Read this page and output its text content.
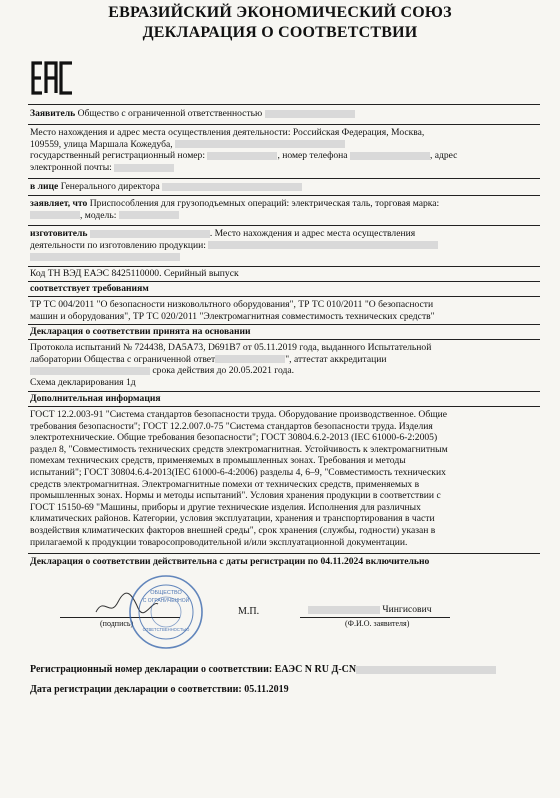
ЕВРАЗИЙСКИЙ ЭКОНОМИЧЕСКИЙ СОЮЗ
ДЕКЛАРАЦИЯ О СООТВЕТСТВИИ
Заявитель Общество с ограниченной ответственностью
Место нахождения и адрес места осуществления деятельности: Российская Федерация, Москва,
109559, улица Маршала Кожедуба,
государственный регистрационный номер:	, номер телефона	, адрес
электронной почты:
в лице Генерального директора
заявляет, что Приспособления для грузоподъемных операций: электрическая таль, торговая марка:
, модель:
изготовитель	. Место нахождения и адрес места осуществления
деятельности по изготовлению продукции:
Код ТН ВЭД ЕАЭС 8425110000. Серийный выпуск
соответствует требованиям
ТР ТС 004/2011 "О безопасности низковольтного оборудования", ТР ТС 010/2011 "О безопасности
машин и оборудования", ТР ТС 020/2011 "Электромагнитная совместимость технических средств"
Декларация о соответствии принята на основании
Протокола испытаний № 724438, DA5A73, D691B7 от 05.11.2019 года, выданного Испытательной
лаборатории Общества с ограниченной ответ	", аттестат аккредитации
срока действия до 20.05.2021 года.
Схема декларирования 1д
Дополнительная информация
ГОСТ 12.2.003-91 "Система стандартов безопасности труда. Оборудование производственное. Общие
требования безопасности"; ГОСТ 12.2.007.0-75 "Система стандартов безопасности труда. Изделия
электротехнические. Общие требования безопасности"; ГОСТ 30804.6.2-2013 (IEC 61000-6-2:2005)
раздел 8, "Совместимость технических средств электромагнитная. Устойчивость к электромагнитным
помехам технических средств, применяемых в промышленных зонах. Требования и методы
испытаний"; ГОСТ 30804.6.4-2013(IEC 61000-6-4:2006) разделы 4, 6–9, "Совместимость технических
средств электромагнитная. Электромагнитные помехи от технических средств, применяемых в
промышленных зонах. Нормы и методы испытаний". Условия хранения продукции в соответствии с
ГОСТ 15150-69 "Машины, приборы и другие технические изделия. Исполнения для различных
климатических районов. Категории, условия эксплуатации, хранения и транспортирования в части
воздействия климатических факторов внешней среды", срок хранения (службы, годности) указан в
прилагаемой к продукции товаросопроводительной и/или эксплуатационной документации.
Декларация о соответствии действительна с даты регистрации по 04.11.2024 включительно
(подпись)
ОБЩЕСТВО
С ОГРАНИЧЕННОЙ
ОТВЕТСТВЕННОСТЬЮ
М.П.	Чингисович
(Ф.И.О. заявителя)
Регистрационный номер декларации о соответствии: ЕАЭС N RU Д-CN
Дата регистрации декларации о соответствии: 05.11.2019
